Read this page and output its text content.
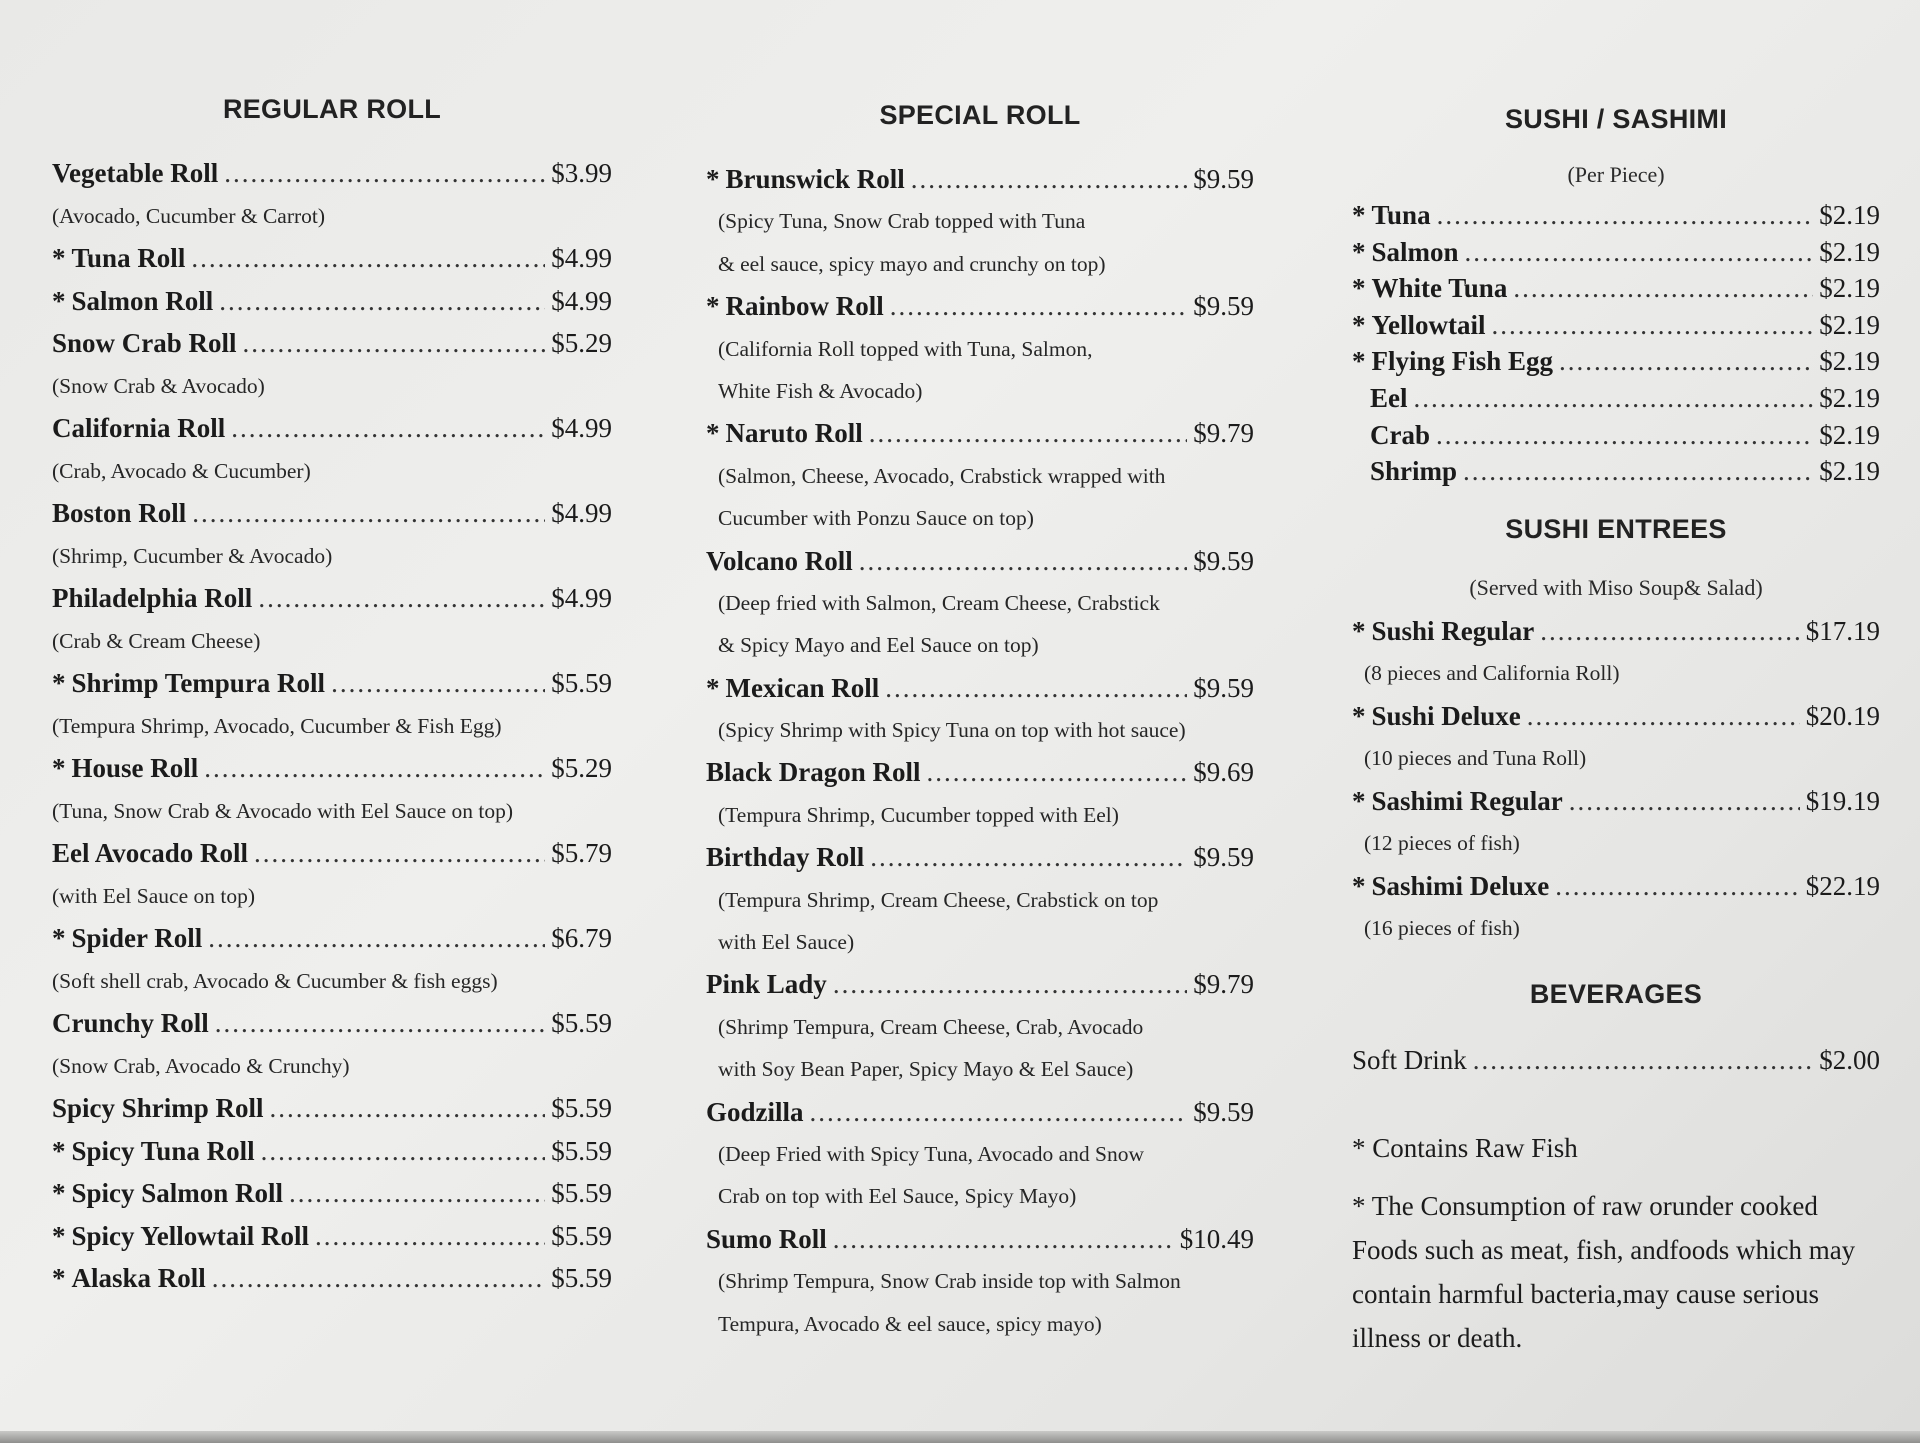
REGULAR ROLL
Vegetable Roll .....	$3.99
(Avocado, Cucumber & Carrot)
* Tuna Roll .....	$4.99
* Salmon Roll .....	$4.99
Snow Crab Roll .....	$5.29
(Snow Crab & Avocado)
California Roll .....	$4.99
(Crab, Avocado & Cucumber)
Boston Roll .....	$4.99
(Shrimp, Cucumber & Avocado)
Philadelphia Roll .....	$4.99
(Crab & Cream Cheese)
* Shrimp Tempura Roll .....	$5.59
(Tempura Shrimp, Avocado, Cucumber & Fish Egg)
* House Roll .....	$5.29
(Tuna, Snow Crab & Avocado with Eel Sauce on top)
Eel Avocado Roll .....	$5.79
(with Eel Sauce on top)
* Spider Roll .....	$6.79
(Soft shell crab, Avocado & Cucumber & fish eggs)
Crunchy Roll .....	$5.59
(Snow Crab, Avocado & Crunchy)
Spicy Shrimp Roll .....	$5.59
* Spicy Tuna Roll .....	$5.59
* Spicy Salmon Roll .....	$5.59
* Spicy Yellowtail Roll .....	$5.59
* Alaska Roll .....	$5.59
SPECIAL ROLL
* Brunswick Roll .....	$9.59
(Spicy Tuna, Snow Crab topped with Tuna
& eel sauce, spicy mayo and crunchy on top)
* Rainbow Roll .....	$9.59
(California Roll topped with Tuna, Salmon,
White Fish & Avocado)
* Naruto Roll .....	$9.79
(Salmon, Cheese, Avocado, Crabstick wrapped with
Cucumber with Ponzu Sauce on top)
Volcano Roll .....	$9.59
(Deep fried with Salmon, Cream Cheese, Crabstick
& Spicy Mayo and Eel Sauce on top)
* Mexican Roll .....	$9.59
(Spicy Shrimp with Spicy Tuna on top with hot sauce)
Black Dragon Roll .....	$9.69
(Tempura Shrimp, Cucumber topped with Eel)
Birthday Roll .....	$9.59
(Tempura Shrimp, Cream Cheese, Crabstick on top
with Eel Sauce)
Pink Lady .....	$9.79
(Shrimp Tempura, Cream Cheese, Crab, Avocado
with Soy Bean Paper, Spicy Mayo & Eel Sauce)
Godzilla .....	$9.59
(Deep Fried with Spicy Tuna, Avocado and Snow
Crab on top with Eel Sauce, Spicy Mayo)
Sumo Roll .....	$10.49
(Shrimp Tempura, Snow Crab inside top with Salmon
Tempura, Avocado & eel sauce, spicy mayo)
SUSHI / SASHIMI
(Per Piece)
* Tuna .....	$2.19
* Salmon .....	$2.19
* White Tuna .....	$2.19
* Yellowtail .....	$2.19
* Flying Fish Egg .....	$2.19
Eel .....	$2.19
Crab .....	$2.19
Shrimp .....	$2.19
SUSHI ENTREES
(Served with Miso Soup& Salad)
* Sushi Regular .....	$17.19
(8 pieces and California Roll)
* Sushi Deluxe .....	$20.19
(10 pieces and Tuna Roll)
* Sashimi Regular .....	$19.19
(12 pieces of fish)
* Sashimi Deluxe .....	$22.19
(16 pieces of fish)
BEVERAGES
Soft Drink .....	$2.00
* Contains Raw Fish
* The Consumption of raw orunder cooked Foods such as meat, fish, andfoods which may contain harmful bacteria,may cause serious illness or death.
